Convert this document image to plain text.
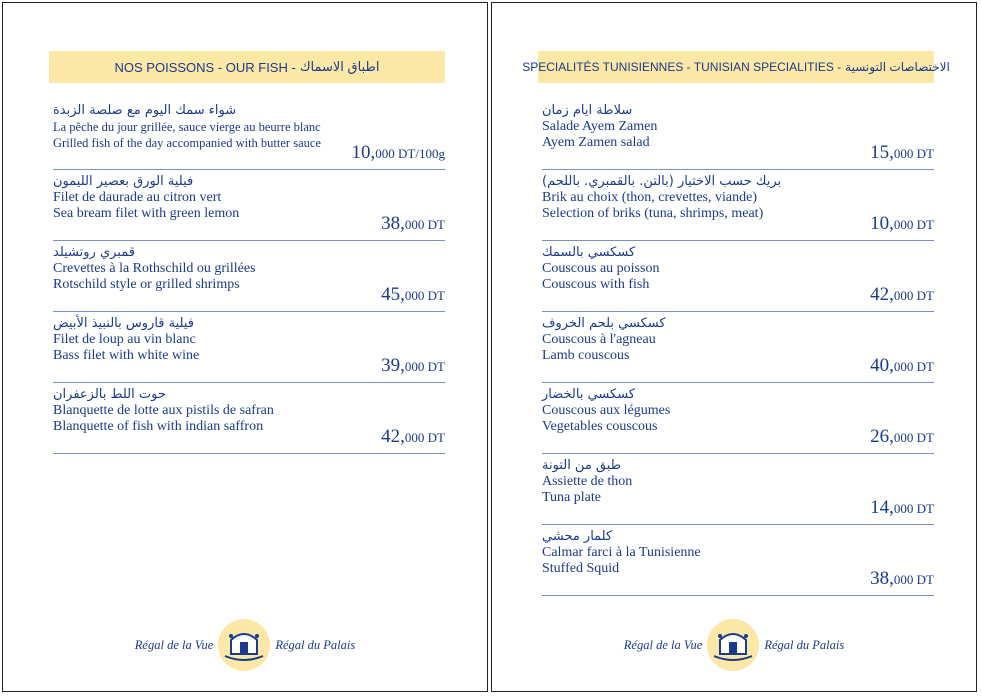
NOS POISSONS - OUR FISH - اطباق الاسماك
شواء سمك اليوم مع صلصة الزبدة
La pêche du jour grillée, sauce vierge au beurre blanc
Grilled fish of the day accompanied with butter sauce	10,000 DT/100g
فيلية الورق بعصير الليمون
Filet de daurade au citron vert
Sea bream filet with green lemon	38,000 DT
قمبري روتشيلد
Crevettes à la Rothschild ou grillées
Rotschild style or grilled shrimps	45,000 DT
فيلية قاروس بالنبيذ الأبيض
Filet de loup au vin blanc
Bass filet with white wine	39,000 DT
حوت اللط بالزعفران
Blanquette de lotte aux pistils de safran
Blanquette of fish with indian saffron	42,000 DT
Régal de la Vue	Régal du Palais
SPECIALITÉS TUNISIENNES - TUNISIAN SPECIALITIES - الاختصاصات التونسية
سلاطة ايام زمان
Salade Ayem Zamen
Ayem Zamen salad	15,000 DT
بريك حسب الاختيار (بالتن. بالقمبري. باللحم)
Brik au choix (thon, crevettes, viande)
Selection of briks (tuna, shrimps, meat)	10,000 DT
كسكسي بالسمك
Couscous au poisson
Couscous with fish	42,000 DT
كسكسي بلحم الخروف
Couscous à l'agneau
Lamb couscous	40,000 DT
كسكسي بالخضار
Couscous aux légumes
Vegetables couscous	26,000 DT
طبق من التونة
Assiette de thon
Tuna plate	14,000 DT
كلمار محشي
Calmar farci à la Tunisienne
Stuffed Squid	38,000 DT
Régal de la Vue	Régal du Palais
